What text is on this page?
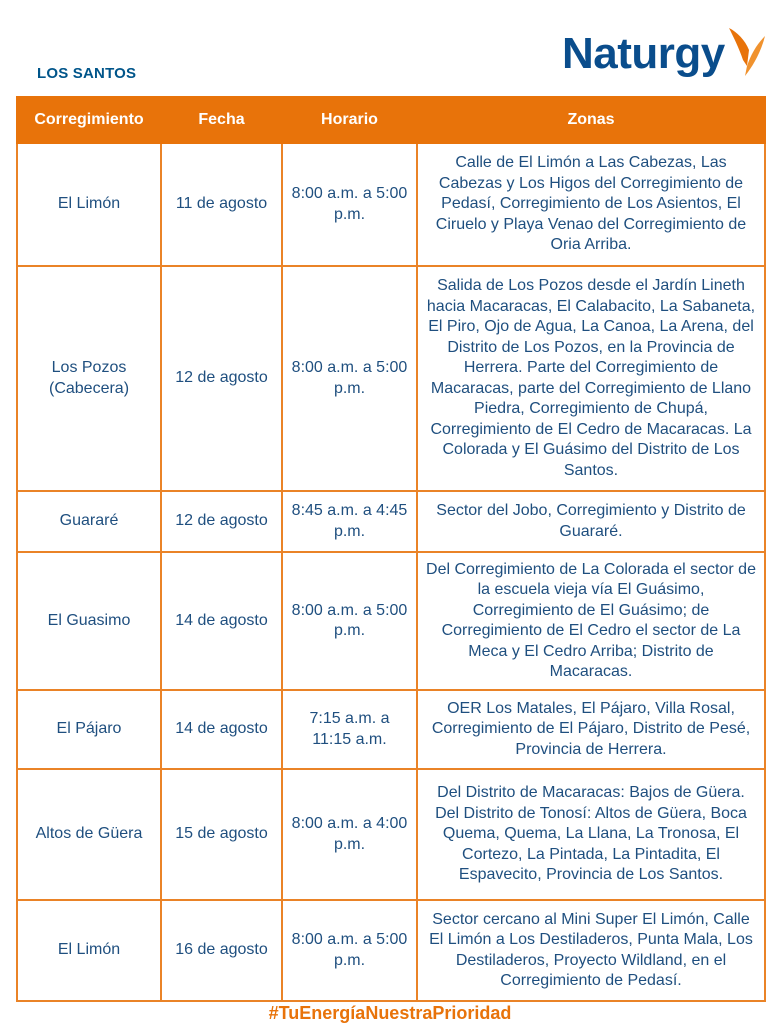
LOS SANTOS	Naturgy
Corregimiento	Fecha	Horario	Zonas
El Limón	11 de agosto	8:00 a.m. a 5:00 p.m.	Calle de El Limón a Las Cabezas, Las Cabezas y Los Higos del Corregimiento de Pedasí, Corregimiento de Los Asientos, El Ciruelo y Playa Venao del Corregimiento de Oria Arriba.
Los Pozos (Cabecera)	12 de agosto	8:00 a.m. a 5:00 p.m.	Salida de Los Pozos desde el Jardín Lineth hacia Macaracas, El Calabacito, La Sabaneta, El Piro, Ojo de Agua, La Canoa, La Arena, del Distrito de Los Pozos, en la Provincia de Herrera. Parte del Corregimiento de Macaracas, parte del Corregimiento de Llano Piedra, Corregimiento de Chupá, Corregimiento de El Cedro de Macaracas. La Colorada y El Guásimo del Distrito de Los Santos.
Guararé	12 de agosto	8:45 a.m. a 4:45 p.m.	Sector del Jobo, Corregimiento y Distrito de Guararé.
El Guasimo	14 de agosto	8:00 a.m. a 5:00 p.m.	Del Corregimiento de La Colorada el sector de la escuela vieja vía El Guásimo, Corregimiento de El Guásimo; de Corregimiento de El Cedro el sector de La Meca y El Cedro Arriba; Distrito de Macaracas.
El Pájaro	14 de agosto	7:15 a.m. a 11:15 a.m.	OER Los Matales, El Pájaro, Villa Rosal, Corregimiento de El Pájaro, Distrito de Pesé, Provincia de Herrera.
Altos de Güera	15 de agosto	8:00 a.m. a 4:00 p.m.	Del Distrito de Macaracas: Bajos de Güera. Del Distrito de Tonosí: Altos de Güera, Boca Quema, Quema, La Llana, La Tronosa, El Cortezo, La Pintada, La Pintadita, El Espavecito, Provincia de Los Santos.
El Limón	16 de agosto	8:00 a.m. a 5:00 p.m.	Sector cercano al Mini Super El Limón, Calle El Limón a Los Destiladeros, Punta Mala, Los Destiladeros, Proyecto Wildland, en el Corregimiento de Pedasí.
#TuEnergíaNuestraPrioridad
